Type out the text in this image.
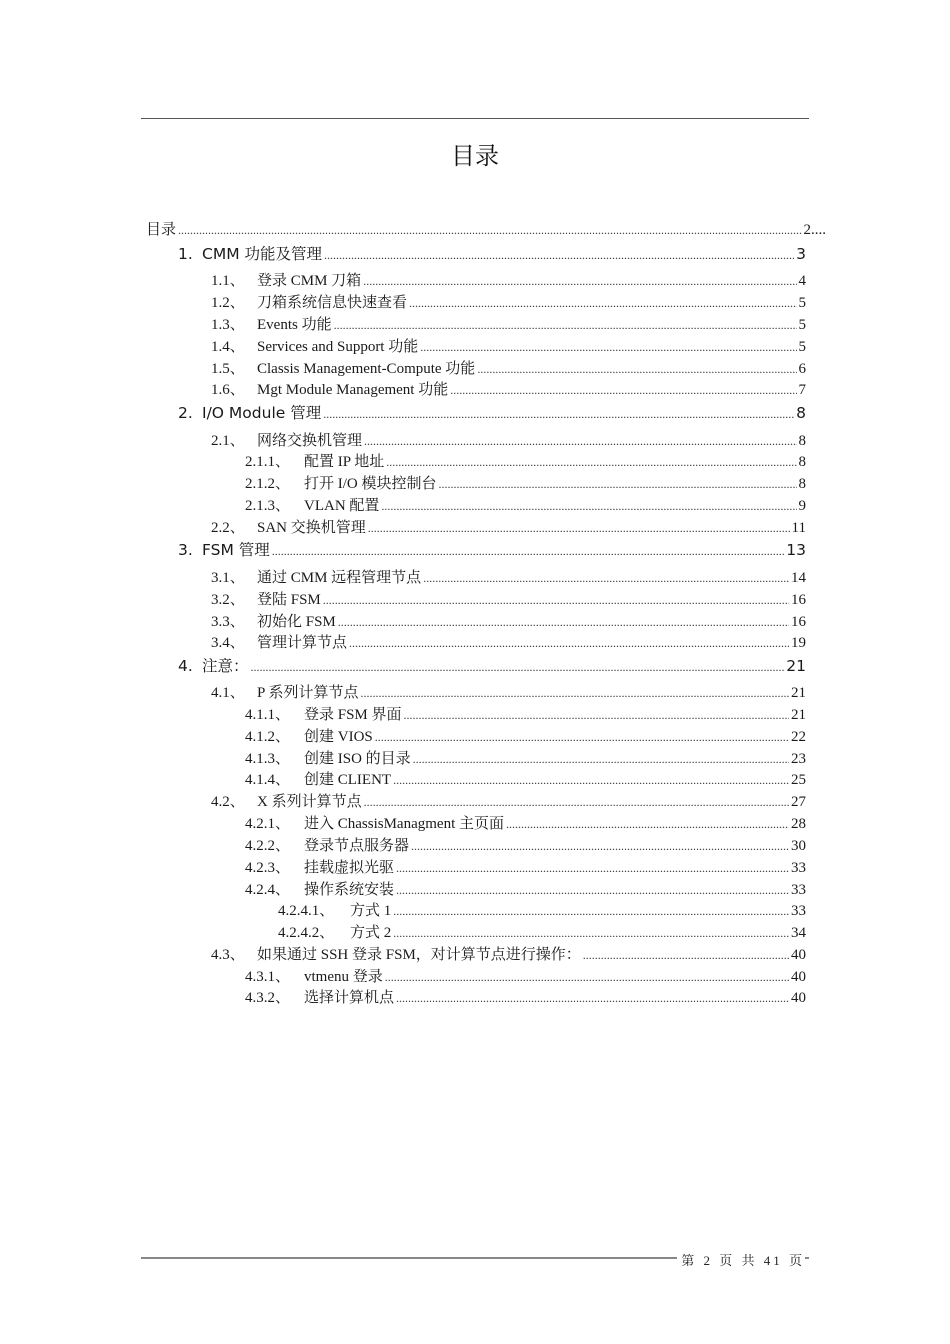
目录
目录 .....	2....
1. CMM 功能及管理 .....	3
1.1、 登录 CMM 刀箱 .....	4
1.2、 刀箱系统信息快速查看 .....	5
1.3、 Events 功能 .....	5
1.4、 Services and Support 功能 .....	5
1.5、 Classis Management-Compute 功能 .....	6
1.6、 Mgt Module Management 功能 .....	7
2. I/O Module 管理 .....	8
2.1、 网络交换机管理 .....	8
2.1.1、 配置 IP 地址 .....	8
2.1.2、 打开 I/O 模块控制台 .....	8
2.1.3、 VLAN 配置 .....	9
2.2、 SAN 交换机管理 .....	11
3. FSM 管理 .....	13
3.1、 通过 CMM 远程管理节点 .....	14
3.2、 登陆 FSM .....	16
3.3、 初始化 FSM .....	16
3.4、 管理计算节点 .....	19
4. 注意： .....	21
4.1、 P 系列计算节点 .....	21
4.1.1、 登录 FSM 界面 .....	21
4.1.2、 创建 VIOS .....	22
4.1.3、 创建 ISO 的目录 .....	23
4.1.4、 创建 CLIENT .....	25
4.2、 X 系列计算节点 .....	27
4.2.1、 进入 ChassisManagment 主页面 .....	28
4.2.2、 登录节点服务器 .....	30
4.2.3、 挂载虚拟光驱 .....	33
4.2.4、 操作系统安装 .....	33
4.2.4.1、	方式 1 .....	33
4.2.4.2、	方式 2 .....	34
4.3、 如果通过 SSH 登录 FSM，对计算节点进行操作： .....	40
4.3.1、 vtmenu 登录 .....	40
4.3.2、 选择计算机点 .....	40
第 2 页 共 41 页
